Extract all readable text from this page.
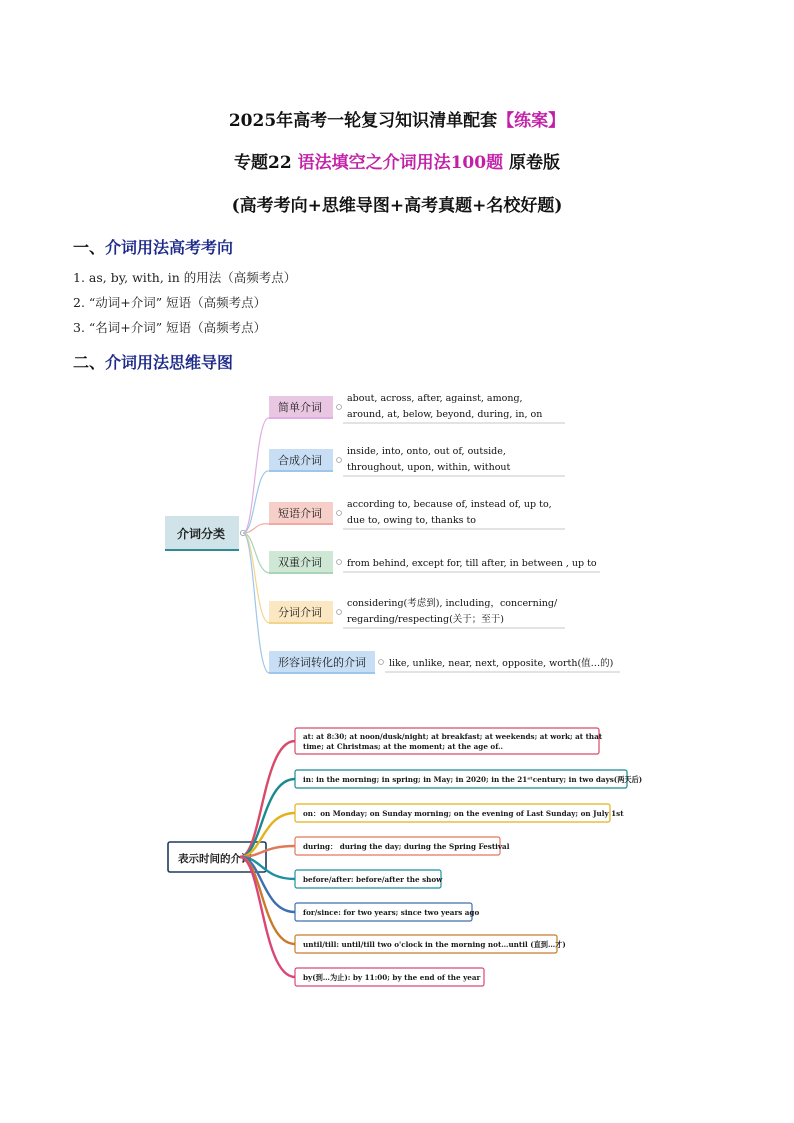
2025年高考一轮复习知识清单配套【练案】
专题22 语法填空之介词用法100题 原卷版
(高考考向+思维导图+高考真题+名校好题)
一、介词用法高考考向
1. as, by, with, in 的用法（高频考点）
2. “动词+介词” 短语（高频考点）
3. “名词+介词” 短语（高频考点）
二、介词用法思维导图
介词分类
简单介词
about, across, after, against, among,
around, at, below, beyond, during, in, on
合成介词
inside, into, onto, out of, outside,
throughout, upon, within, without
短语介词
according to, because of, instead of, up to,
due to, owing to, thanks to
双重介词	from behind, except for, till after, in between , up to
分词介词
considering(考虑到), including，concerning/
regarding/respecting(关于；至于)
形容词转化的介词 like, unlike, near, next, opposite, worth(值…的)
表示时间的介词
at: at 8:30; at noon/dusk/night; at breakfast; at weekends; at work; at that
time; at Christmas; at the moment; at the age of..
in: in the morning; in spring; in May; in 2020; in the 21ˢᵗcentury; in two days(两天后)
on：on Monday; on Sunday morning; on the evening of Last Sunday; on July 1st
during： during the day; during the Spring Festival
before/after: before/after the show
for/since: for two years; since two years ago
until/till: until/till two o'clock in the morning not…until (直到…才)
by(到…为止): by 11:00; by the end of the year
